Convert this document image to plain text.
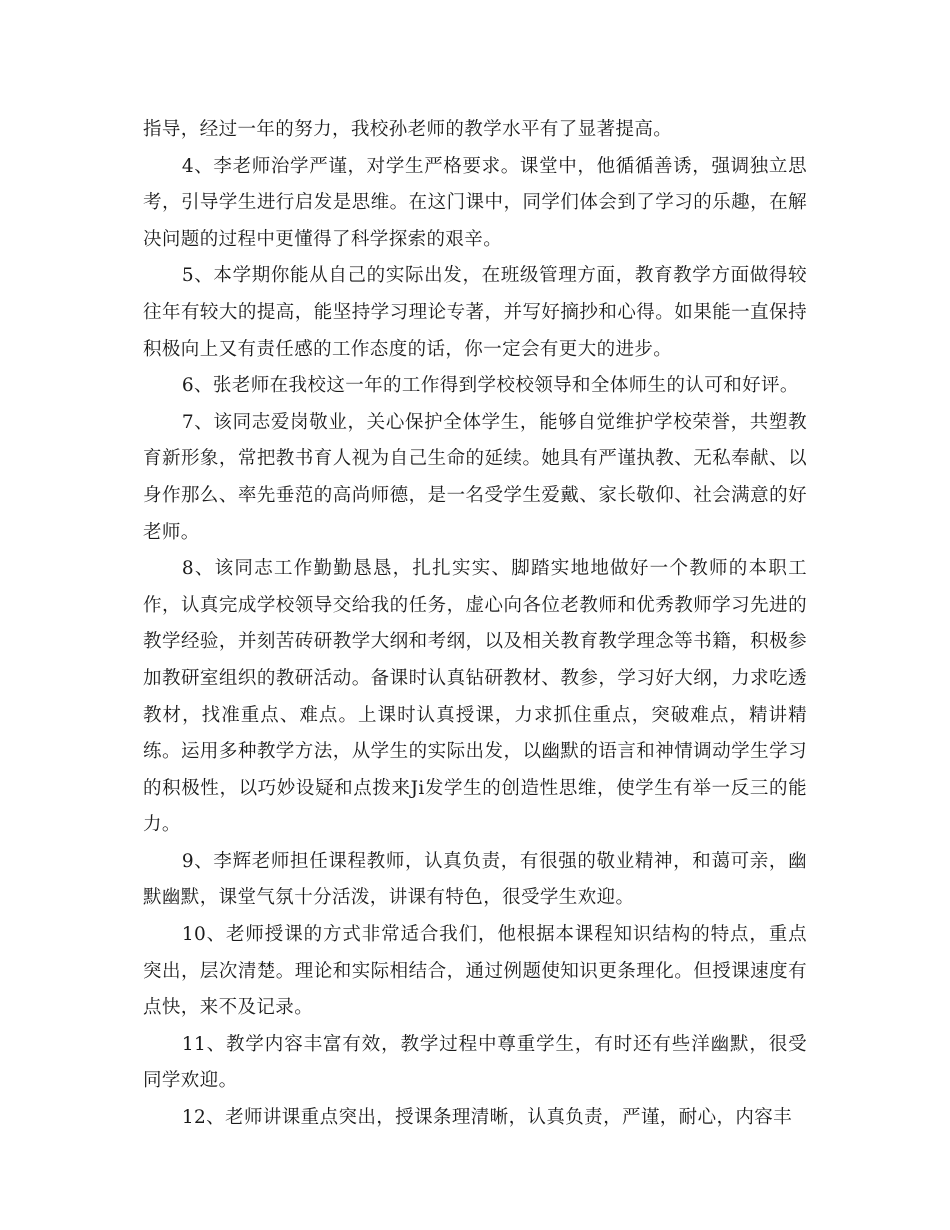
指导，经过一年的努力，我校孙老师的教学水平有了显著提高。

4、李老师治学严谨，对学生严格要求。课堂中，他循循善诱，强调独立思考，引导学生进行启发是思维。在这门课中，同学们体会到了学习的乐趣，在解决问题的过程中更懂得了科学探索的艰辛。

5、本学期你能从自己的实际出发，在班级管理方面，教育教学方面做得较往年有较大的提高，能坚持学习理论专著，并写好摘抄和心得。如果能一直保持积极向上又有责任感的工作态度的话，你一定会有更大的进步。

6、张老师在我校这一年的工作得到学校校领导和全体师生的认可和好评。

7、该同志爱岗敬业，关心保护全体学生，能够自觉维护学校荣誉，共塑教育新形象，常把教书育人视为自己生命的延续。她具有严谨执教、无私奉献、以身作那么、率先垂范的高尚师德，是一名受学生爱戴、家长敬仰、社会满意的好老师。

8、该同志工作勤勤恳恳，扎扎实实、脚踏实地地做好一个教师的本职工作，认真完成学校领导交给我的任务，虚心向各位老教师和优秀教师学习先进的教学经验，并刻苦砖研教学大纲和考纲，以及相关教育教学理念等书籍，积极参加教研室组织的教研活动。备课时认真钻研教材、教参，学习好大纲，力求吃透教材，找准重点、难点。上课时认真授课，力求抓住重点，突破难点，精讲精练。运用多种教学方法，从学生的实际出发，以幽默的语言和神情调动学生学习的积极性，以巧妙设疑和点拨来Ji发学生的创造性思维，使学生有举一反三的能力。

9、李辉老师担任课程教师，认真负责，有很强的敬业精神，和蔼可亲，幽默幽默，课堂气氛十分活泼，讲课有特色，很受学生欢迎。

10、老师授课的方式非常适合我们，他根据本课程知识结构的特点，重点突出，层次清楚。理论和实际相结合，通过例题使知识更条理化。但授课速度有点快，来不及记录。

11、教学内容丰富有效，教学过程中尊重学生，有时还有些洋幽默，很受同学欢迎。

12、老师讲课重点突出，授课条理清晰，认真负责，严谨，耐心，内容丰
